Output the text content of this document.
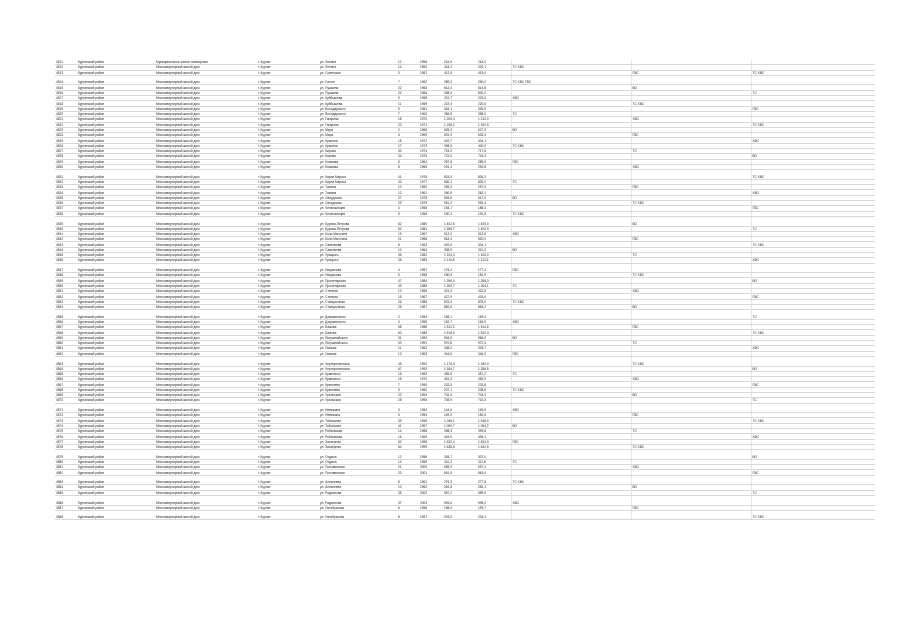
4511	Курганский район	Муниципальное жилое помещение	г. Курган	ул. Ленина	12	1956	216,9	218,0			
4512	Курганский район	Многоквартирный жилой дом	г. Курган	ул. Ленина	14	1960	318,2	320,1	ТС ХВС		
4513	Курганский район	Многоквартирный жилой дом	г. Курган	ул. Советская	3	1957	412,5	415,0		ГВС	ТС ХВС
4514	Курганский район	Многоквартирный жилой дом	г. Курган	ул. Гоголя	7	1962	289,3	290,0	ТС ХВС ГВС		
4515	Курганский район	Многоквартирный жилой дом	г. Курган	ул. Пушкина	22	1965	512,4	514,8		ВО	
4516	Курганский район	Многоквартирный жилой дом	г. Курган	ул. Пушкина	24	1966	498,0	500,2			ТС
4517	Курганский район	Многоквартирный жилой дом	г. Курган	ул. Куйбышева	9	1958	201,7	203,0	ХВС		
4518	Курганский район	Многоквартирный жилой дом	г. Курган	ул. Куйбышева	11	1959	219,4	220,6		ТС ХВС	
4519	Курганский район	Многоквартирный жилой дом	г. Курган	ул. Володарского	5	1961	344,1	345,9			ГВС
4520	Курганский район	Многоквартирный жилой дом	г. Курган	ул. Володарского	7	1963	356,8	358,0	ТС		
4521	Курганский район	Многоквартирный жилой дом	г. Курган	ул. Гагарина	18	1970	1 205,4	1 210,0		ХВС	
4522	Курганский район	Многоквартирный жилой дом	г. Курган	ул. Гагарина	20	1971	1 198,2	1 200,5			ТС ХВС
4523	Курганский район	Многоквартирный жилой дом	г. Курган	ул. Мира	2	1968	625,3	627,0	ВО		
4524	Курганский район	Многоквартирный жилой дом	г. Курган	ул. Мира	4	1969	631,9	633,4		ГВС	
4525	Курганский район	Многоквартирный жилой дом	г. Курган	ул. Красина	15	1972	402,7	404,1			ХВС
4526	Курганский район	Многоквартирный жилой дом	г. Курган	ул. Красина	17	1973	398,5	400,0	ТС ХВС		
4527	Курганский район	Многоквартирный жилой дом	г. Курган	ул. Кирова	32	1974	715,2	717,6		ТС	
4528	Курганский район	Многоквартирный жилой дом	г. Курган	ул. Кирова	34	1975	722,0	724,3			ВО
4529	Курганский район	Многоквартирный жилой дом	г. Курган	ул. Климова	6	1964	287,6	289,0	ГВС		
4530	Курганский район	Многоквартирный жилой дом	г. Курган	ул. Климова	8	1965	291,4	292,8		ХВС	
4531	Курганский район	Многоквартирный жилой дом	г. Курган	ул. Карла Маркса	41	1976	824,9	826,2			ТС ХВС
4532	Курганский район	Многоквартирный жилой дом	г. Курган	ул. Карла Маркса	43	1977	830,1	832,0	ТС		
4533	Курганский район	Многоквартирный жилой дом	г. Курган	ул. Томина	10	1960	256,3	257,5		ГВС	
4534	Курганский район	Многоквартирный жилой дом	г. Курган	ул. Томина	12	1961	260,8	262,1			ХВС
4535	Курганский район	Многоквартирный жилой дом	г. Курган	ул. Свердлова	27	1978	945,6	947,0	ВО		
4536	Курганский район	Многоквартирный жилой дом	г. Курган	ул. Свердлова	29	1979	951,2	953,4		ТС ХВС	
4537	Курганский район	Многоквартирный жилой дом	г. Курган	ул. Челюскинцев	3	1955	184,7	186,0			ГВС
4538	Курганский район	Многоквартирный жилой дом	г. Курган	ул. Челюскинцев	5	1956	190,3	191,8	ТС ХВС		
4539	Курганский район	Многоквартирный жилой дом	г. Курган	ул. Бурова-Петрова	52	1980	1 402,5	1 405,0		ВО	
4540	Курганский район	Многоквартирный жилой дом	г. Курган	ул. Бурова-Петрова	54	1981	1 398,7	1 400,9			ТС
4541	Курганский район	Многоквартирный жилой дом	г. Курган	ул. Коли Мяготина	19	1967	512,0	513,6	ХВС		
4542	Курганский район	Многоквартирный жилой дом	г. Курган	ул. Коли Мяготина	21	1968	518,4	520,0		ГВС	
4543	Курганский район	Многоквартирный жилой дом	г. Курган	ул. Савельева	8	1963	302,6	304,1			ТС ХВС
4544	Курганский район	Многоквартирный жилой дом	г. Курган	ул. Савельева	10	1964	308,9	310,2	ВО		
4545	Курганский район	Многоквартирный жилой дом	г. Курган	ул. Урицкого	36	1982	1 104,3	1 106,0		ТС	
4546	Курганский район	Многоквартирный жилой дом	г. Курган	ул. Урицкого	38	1983	1 110,8	1 112,5			ХВС
4547	Курганский район	Многоквартирный жилой дом	г. Курган	ул. Некрасова	4	1957	176,2	177,4	ГВС		
4548	Курганский район	Многоквартирный жилой дом	г. Курган	ул. Некрасова	6	1958	180,5	181,9		ТС ХВС	
4549	Курганский район	Многоквартирный жилой дом	г. Курган	ул. Пролетарская	47	1984	1 256,0	1 258,3			ВО
4550	Курганский район	Многоквартирный жилой дом	г. Курган	ул. Пролетарская	49	1985	1 262,7	1 264,1	ТС		
4551	Курганский район	Многоквартирный жилой дом	г. Курган	ул. Степная	13	1966	421,3	422,8		ХВС	
4552	Курганский район	Многоквартирный жилой дом	г. Курган	ул. Степная	15	1967	427,9	429,0			ГВС
4553	Курганский район	Многоквартирный жилой дом	г. Курган	ул. Станционная	26	1986	876,4	878,0	ТС ХВС		
4554	Курганский район	Многоквартирный жилой дом	г. Курган	ул. Станционная	28	1987	882,6	884,2		ВО	
4555	Курганский район	Многоквартирный жилой дом	г. Курган	ул. Дзержинского	2	1954	158,1	159,4			ТС
4556	Курганский район	Многоквартирный жилой дом	г. Курган	ул. Дзержинского	4	1955	162,7	163,9	ХВС		
4557	Курганский район	Многоквартирный жилой дом	г. Курган	ул. Бажова	58	1988	1 512,2	1 514,6		ГВС	
4558	Курганский район	Многоквартирный жилой дом	г. Курган	ул. Бажова	60	1989	1 518,9	1 520,3			ТС ХВС
4559	Курганский район	Многоквартирный жилой дом	г. Курган	ул. Ястржембского	31	1990	964,5	966,0	ВО		
4560	Курганский район	Многоквартирный жилой дом	г. Курган	ул. Ястржембского	33	1991	970,8	972,4		ТС	
4561	Курганский район	Многоквартирный жилой дом	г. Курган	ул. Омская	11	1962	338,2	339,7			ХВС
4562	Курганский район	Многоквартирный жилой дом	г. Курган	ул. Омская	13	1963	344,6	346,0	ГВС		
4563	Курганский район	Многоквартирный жилой дом	г. Курган	ул. Чернореченская	45	1992	1 178,3	1 180,0		ТС ХВС	
4564	Курганский район	Многоквартирный жилой дом	г. Курган	ул. Чернореченская	47	1993	1 184,7	1 186,5			ВО
4565	Курганский район	Многоквартирный жилой дом	г. Курган	ул. Кравченко	16	1969	455,8	457,2	ТС		
4566	Курганский район	Многоквартирный жилой дом	г. Курган	ул. Кравченко	18	1970	461,3	462,9		ХВС	
4567	Курганский район	Многоквартирный жилой дом	г. Курган	ул. Кремлева	7	1959	232,5	233,8			ГВС
4568	Курганский район	Многоквартирный жилой дом	г. Курган	ул. Кремлева	9	1960	237,1	238,6	ТС ХВС		
4569	Курганский район	Многоквартирный жилой дом	г. Курган	ул. Уральская	23	1994	702,4	704,0		ВО	
4570	Курганский район	Многоквартирный жилой дом	г. Курган	ул. Уральская	25	1995	708,9	710,3			ТС
4571	Курганский район	Многоквартирный жилой дом	г. Курган	ул. Невежина	3	1953	144,6	145,9	ХВС		
4572	Курганский район	Многоквартирный жилой дом	г. Курган	ул. Невежина	5	1954	149,2	150,5		ГВС	
4573	Курганский район	Многоквартирный жилой дом	г. Курган	ул. Тобольная	39	1996	1 046,1	1 048,0			ТС ХВС
4574	Курганский район	Многоквартирный жилой дом	г. Курган	ул. Тобольная	41	1997	1 052,7	1 054,2	ВО		
4575	Курганский район	Многоквартирный жилой дом	г. Курган	ул. Рябковская	14	1968	398,3	399,8		ТС	
4576	Курганский район	Многоквартирный жилой дом	г. Курган	ул. Рябковская	16	1969	404,9	406,1			ХВС
4577	Курганский район	Многоквартирный жилой дом	г. Курган	ул. Заозерная	62	1998	1 632,4	1 634,0	ГВС		
4578	Курганский район	Многоквартирный жилой дом	г. Курган	ул. Заозерная	64	1999	1 638,8	1 640,5		ТС ХВС	
4579	Курганский район	Многоквартирный жилой дом	г. Курган	ул. Отдыха	12	1958	305,7	307,0			ВО
4580	Курганский район	Многоквартирный жилой дом	г. Курган	ул. Отдыха	14	1959	310,2	311,6	ТС		
4581	Курганский район	Многоквартирный жилой дом	г. Курган	ул. Половинская	21	2000	655,9	657,4		ХВС	
4582	Курганский район	Многоквартирный жилой дом	г. Курган	ул. Половинская	23	2001	661,5	663,0			ГВС
4583	Курганский район	Многоквартирный жилой дом	г. Курган	ул. Алексеева	8	1961	276,3	277,8	ТС ХВС		
4584	Курганский район	Многоквартирный жилой дом	г. Курган	ул. Алексеева	10	1962	281,8	283,1		ВО	
4585	Курганский район	Многоквартирный жилой дом	г. Курган	ул. Радионова	35	2002	987,2	989,0			ТС
4586	Курганский район	Многоквартирный жилой дом	г. Курган	ул. Радионова	37	2003	993,6	995,2	ХВС		
4587	Курганский район	Многоквартирный жилой дом	г. Курган	ул. Октябрьская	6	1956	198,4	199,7		ГВС	
4588	Курганский район	Многоквартирный жилой дом	г. Курган	ул. Октябрьская	8	1957	203,0	204,4			ТС ХВС
